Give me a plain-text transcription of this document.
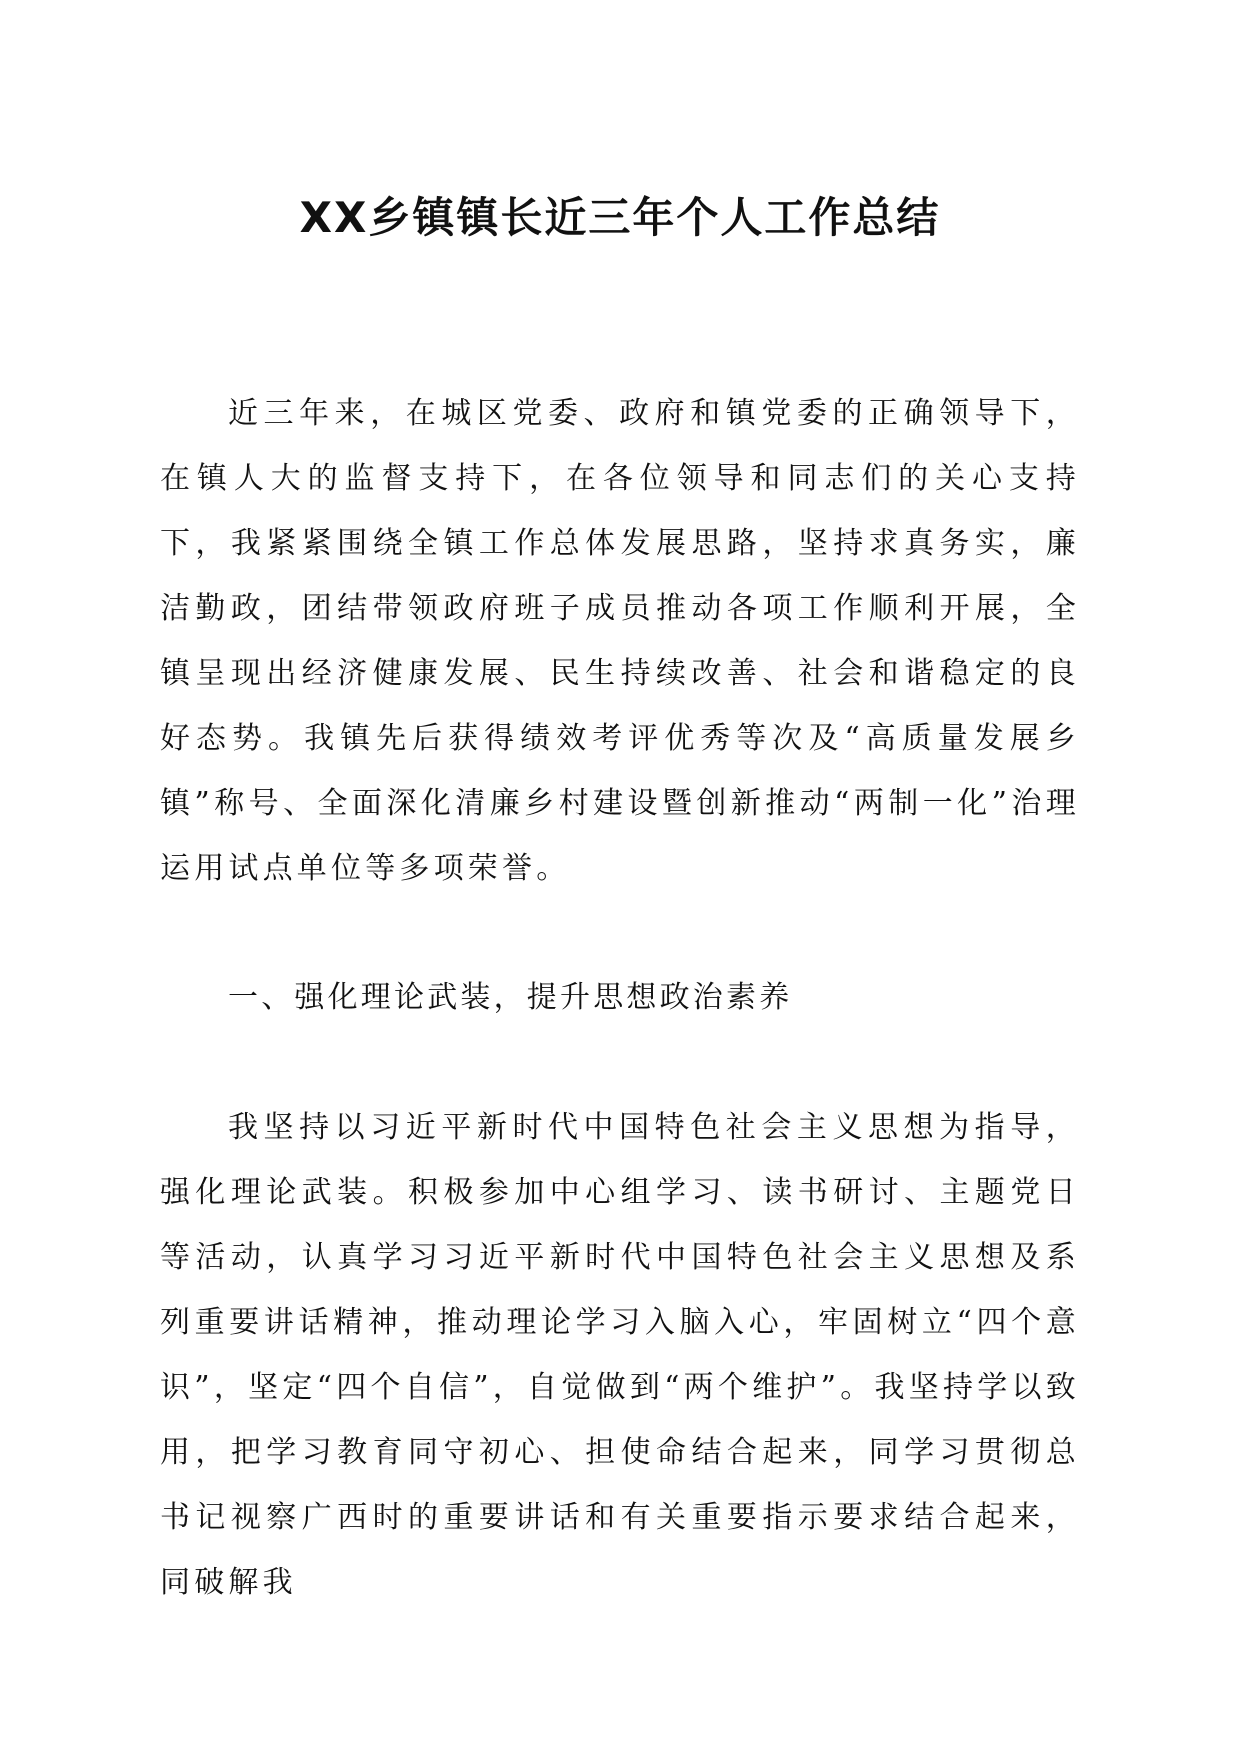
XX乡镇镇长近三年个人工作总结

近三年来，在城区党委、政府和镇党委的正确领导下，在镇人大的监督支持下，在各位领导和同志们的关心支持下，我紧紧围绕全镇工作总体发展思路，坚持求真务实，廉洁勤政，团结带领政府班子成员推动各项工作顺利开展，全镇呈现出经济健康发展、民生持续改善、社会和谐稳定的良好态势。我镇先后获得绩效考评优秀等次及“高质量发展乡镇”称号、全面深化清廉乡村建设暨创新推动“两制一化”治理运用试点单位等多项荣誉。

一、强化理论武装，提升思想政治素养

我坚持以习近平新时代中国特色社会主义思想为指导，强化理论武装。积极参加中心组学习、读书研讨、主题党日等活动，认真学习习近平新时代中国特色社会主义思想及系列重要讲话精神，推动理论学习入脑入心，牢固树立“四个意识”，坚定“四个自信”，自觉做到“两个维护”。我坚持学以致用，把学习教育同守初心、担使命结合起来，同学习贯彻总书记视察广西时的重要讲话和有关重要指示要求结合起来，同破解我
